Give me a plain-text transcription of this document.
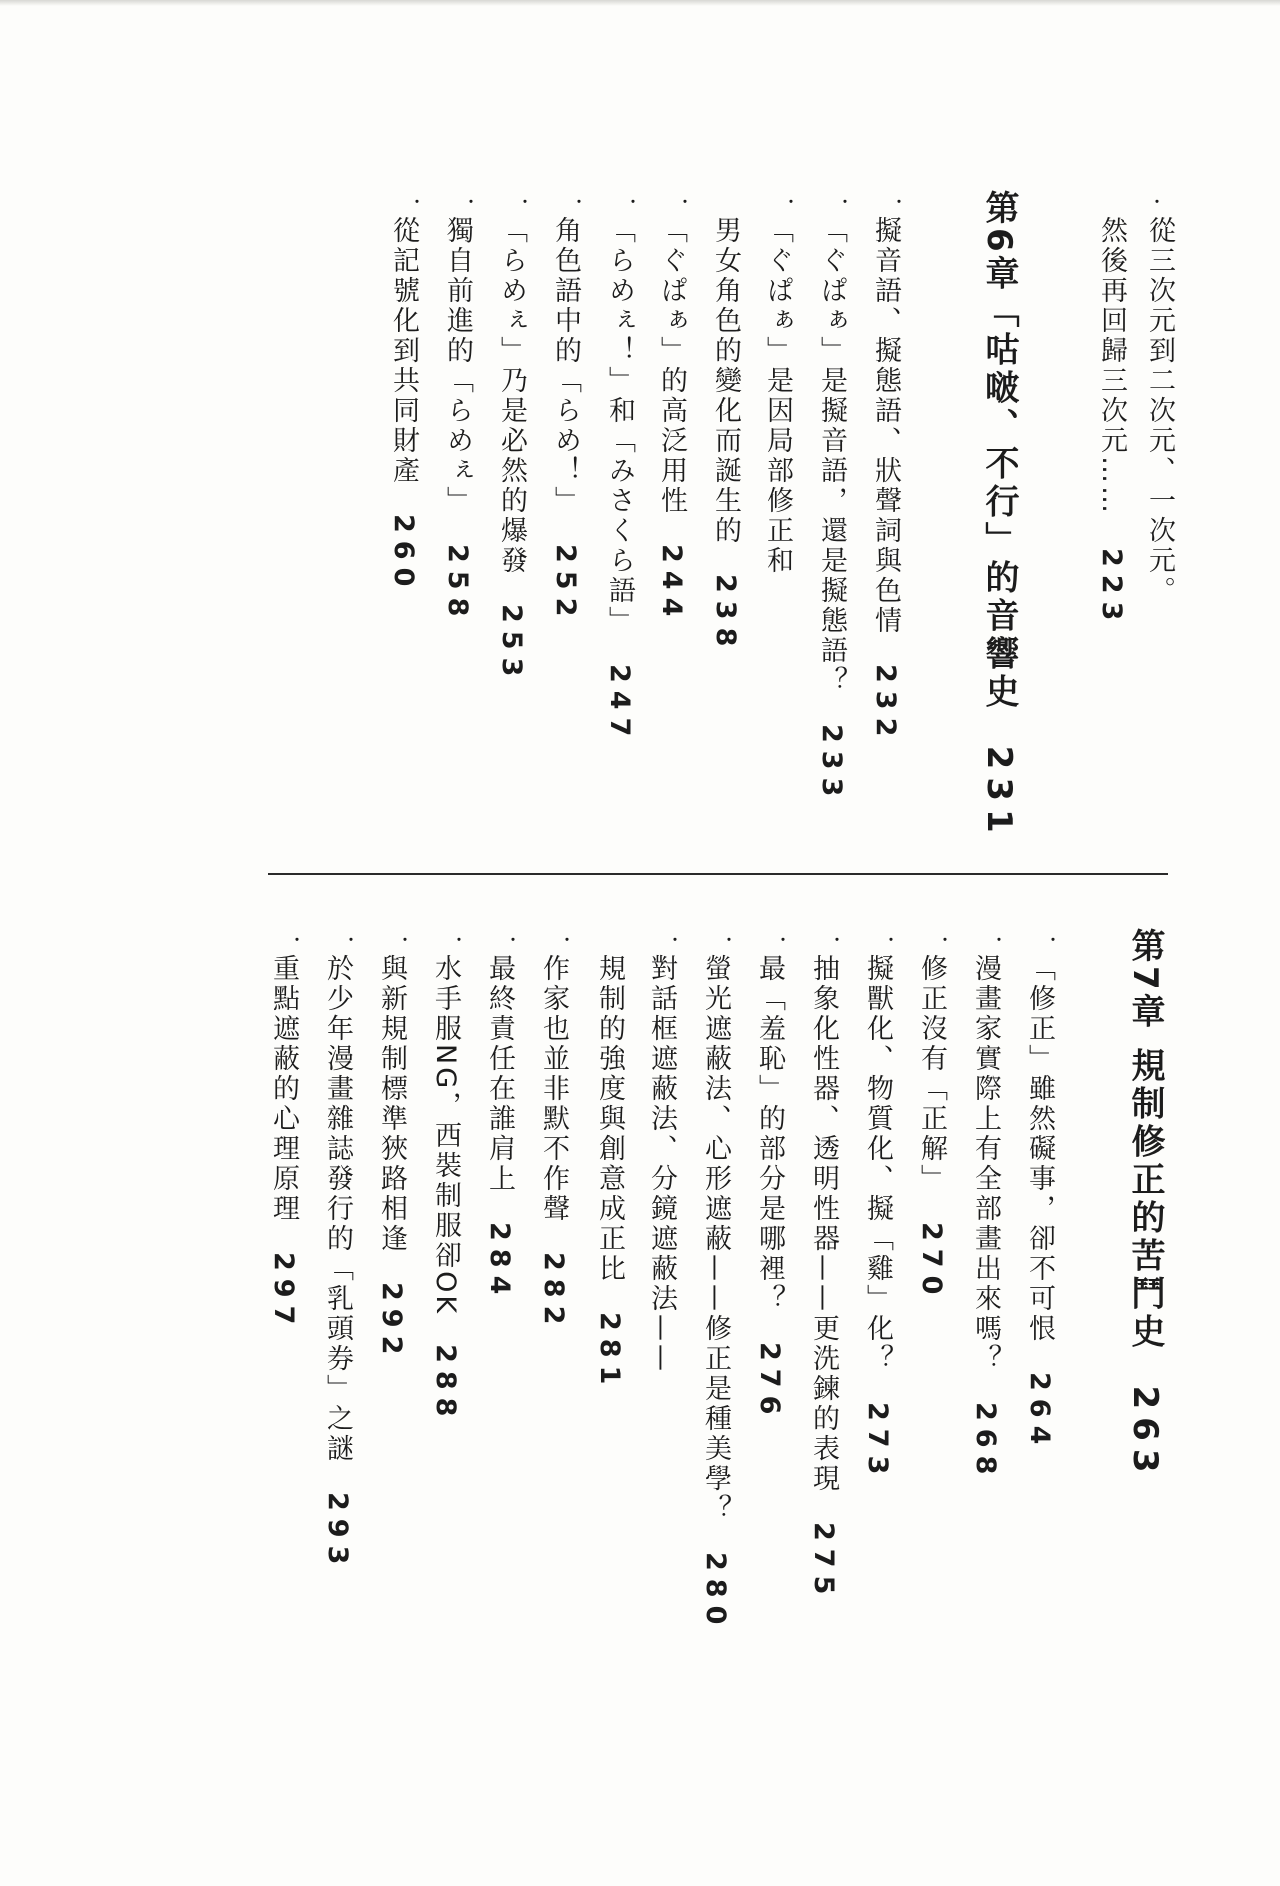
・
從三次元到二次元、一次元。
然後再回歸三次元……223
第6章「咕啵、不行」的音響史231
・
擬音語、擬態語、狀聲詞與色情232
・
「ぐぱぁ」是擬音語，還是擬態語？233
・
「ぐぱぁ」是因局部修正和
男女角色的變化而誕生的238
・
「ぐぱぁ」的高泛用性244
・
「らめぇ！」和「みさくら語」247
・
角色語中的「らめ！」252
・
「らめぇ」乃是必然的爆發253
・
獨自前進的「らめぇ」258
・
從記號化到共同財產260
第7章 規制修正的苦鬥史263
・
「修正」雖然礙事，卻不可恨264
・
漫畫家實際上有全部畫出來嗎？268
・
修正沒有「正解」270
・
擬獸化、物質化、擬「雞」化？273
・
抽象化性器、透明性器——更洗鍊的表現275
・
最「羞恥」的部分是哪裡？276
・
螢光遮蔽法、心形遮蔽——修正是種美學？280
・
對話框遮蔽法、分鏡遮蔽法——
規制的強度與創意成正比281
・
作家也並非默不作聲282
・
最終責任在誰肩上284
・
水手服NG，西裝制服卻OK288
・
與新規制標準狹路相逢292
・
於少年漫畫雜誌發行的「乳頭券」之謎293
・
重點遮蔽的心理原理297
